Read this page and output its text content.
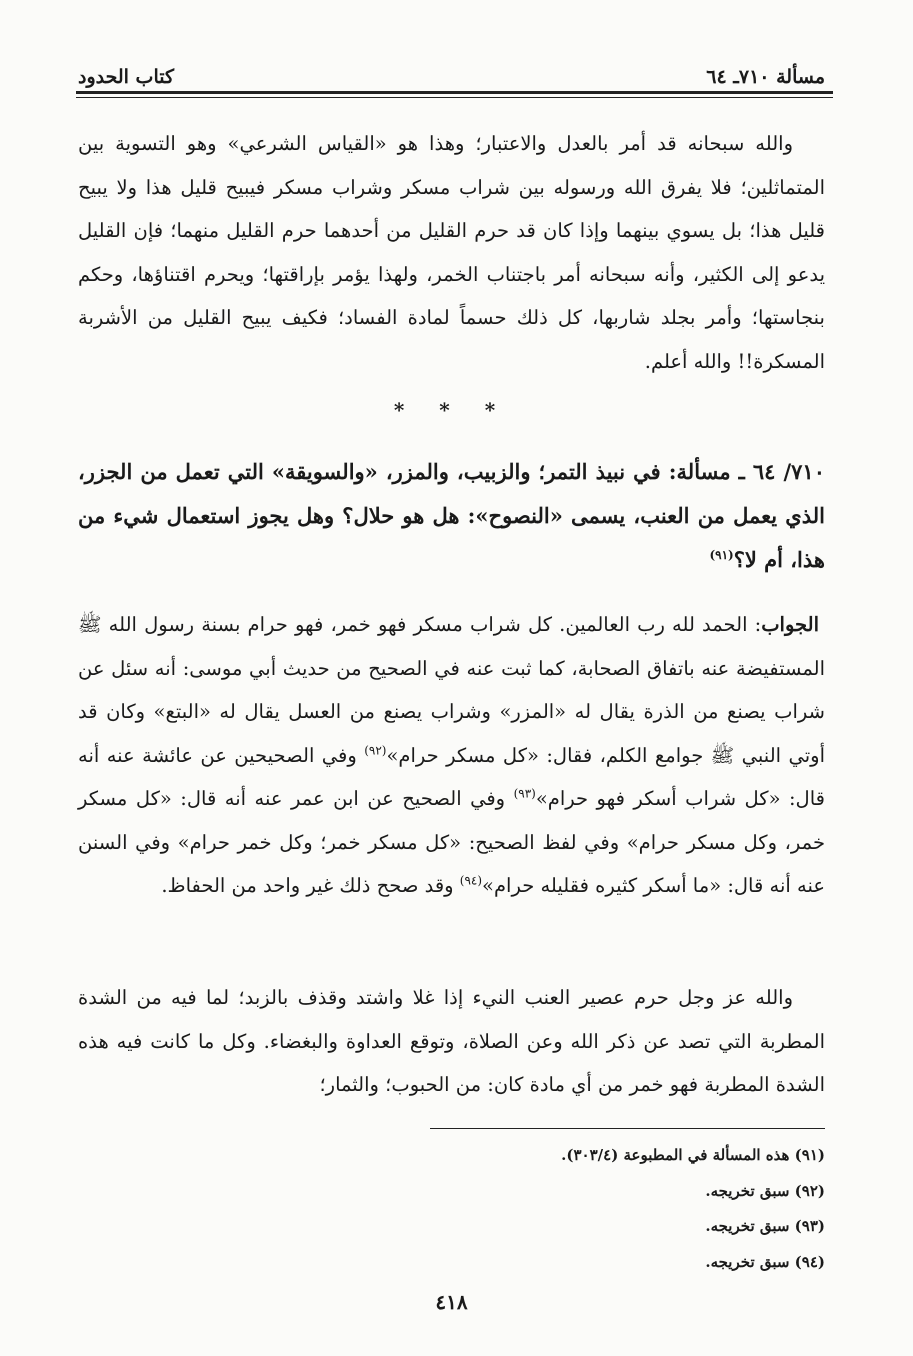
مسألة ٧١٠ـ ٦٤
كتاب الحدود
والله سبحانه قد أمر بالعدل والاعتبار؛ وهذا هو «القياس الشرعي» وهو التسوية بين المتماثلين؛ فلا يفرق الله ورسوله بين شراب مسكر وشراب مسكر فيبيح قليل هذا ولا يبيح قليل هذا؛ بل يسوي بينهما وإذا كان قد حرم القليل من أحدهما حرم القليل منهما؛ فإن القليل يدعو إلى الكثير، وأنه سبحانه أمر باجتناب الخمر، ولهذا يؤمر بإراقتها؛ ويحرم اقتناؤها، وحكم بنجاستها؛ وأمر بجلد شاربها، كل ذلك حسماً لمادة الفساد؛ فكيف يبيح القليل من الأشربة المسكرة!! والله أعلم.
* * *
٧١٠/ ٦٤ ـ مسألة: في نبيذ التمر؛ والزبيب، والمزر، «والسويقة» التي تعمل من الجزر، الذي يعمل من العنب، يسمى «النصوح»: هل هو حلال؟ وهل يجوز استعمال شيء من هذا، أم لا؟$^{(٩١)}$
الجواب: الحمد لله رب العالمين. كل شراب مسكر فهو خمر، فهو حرام بسنة رسول الله ﷺ المستفيضة عنه باتفاق الصحابة، كما ثبت عنه في الصحيح من حديث أبي موسى: أنه سئل عن شراب يصنع من الذرة يقال له «المزر» وشراب يصنع من العسل يقال له «البتع» وكان قد أوتي النبي ﷺ جوامع الكلم، فقال: «كل مسكر حرام»$^{(٩٢)}$ وفي الصحيحين عن عائشة عنه أنه قال: «كل شراب أسكر فهو حرام»$^{(٩٣)}$ وفي الصحيح عن ابن عمر عنه أنه قال: «كل مسكر خمر، وكل مسكر حرام» وفي لفظ الصحيح: «كل مسكر خمر؛ وكل خمر حرام» وفي السنن عنه أنه قال: «ما أسكر كثيره فقليله حرام»$^{(٩٤)}$ وقد صحح ذلك غير واحد من الحفاظ.
والله عز وجل حرم عصير العنب النيء إذا غلا واشتد وقذف بالزبد؛ لما فيه من الشدة المطربة التي تصد عن ذكر الله وعن الصلاة، وتوقع العداوة والبغضاء. وكل ما كانت فيه هذه الشدة المطربة فهو خمر من أي مادة كان: من الحبوب؛ والثمار؛
(٩١) هذه المسألة في المطبوعة (٣٠٣/٤).
(٩٢) سبق تخريجه.
(٩٣) سبق تخريجه.
(٩٤) سبق تخريجه.
٤١٨
